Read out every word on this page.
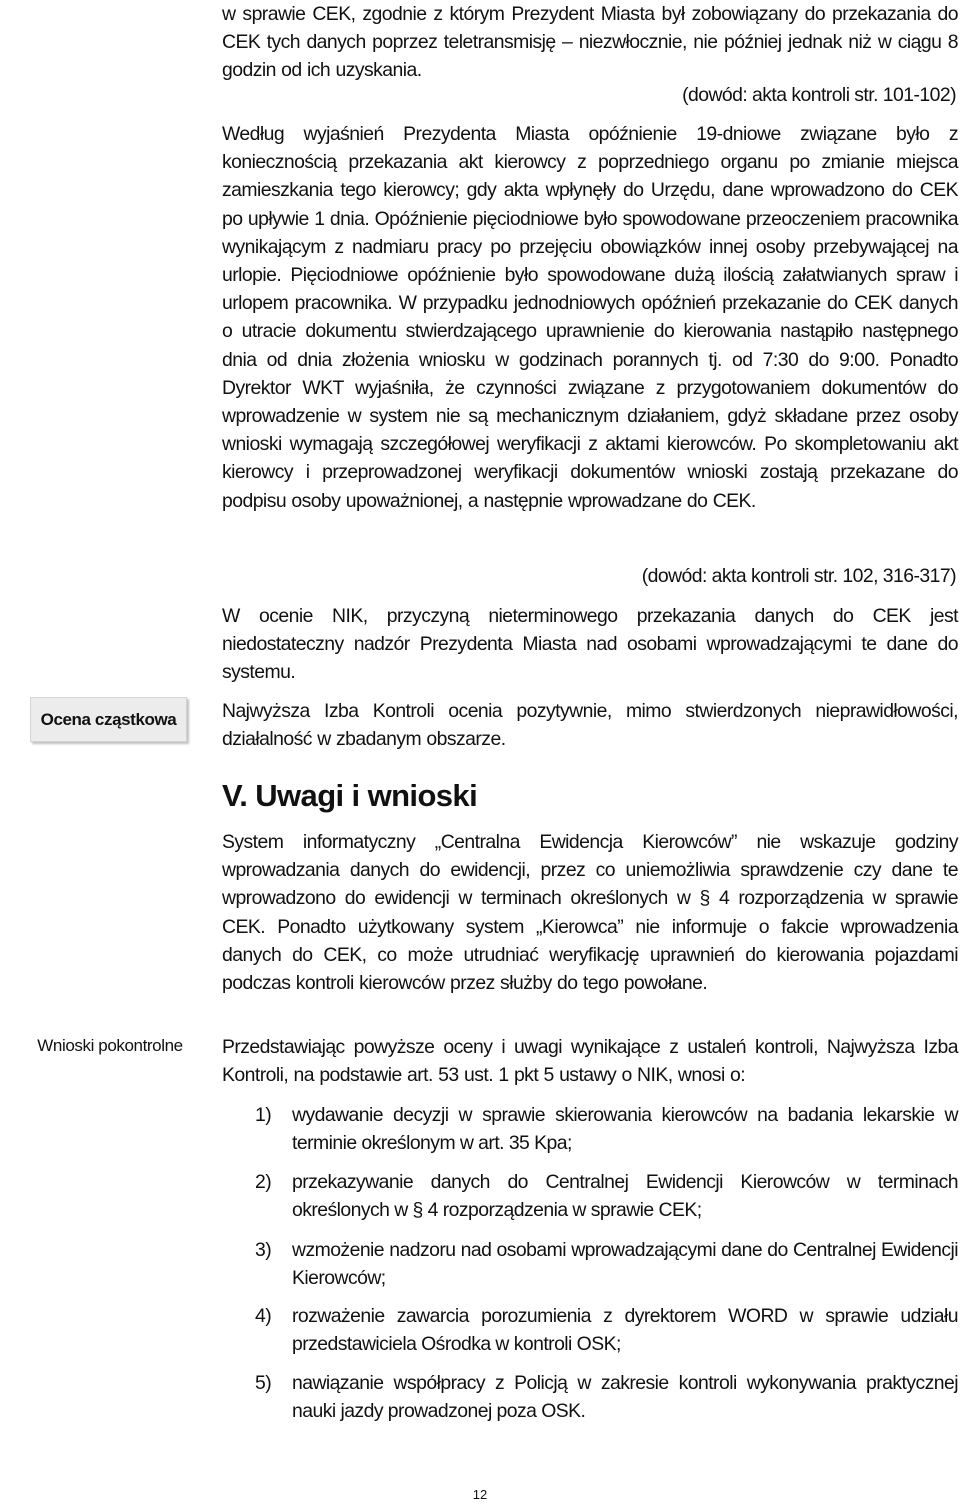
w sprawie CEK, zgodnie z którym Prezydent Miasta był zobowiązany do przekazania do CEK tych danych poprzez teletransmisję – niezwłocznie, nie później jednak niż w ciągu 8 godzin od ich uzyskania.

(dowód: akta kontroli str. 101-102)

Według wyjaśnień Prezydenta Miasta opóźnienie 19-dniowe związane było z koniecznością przekazania akt kierowcy z poprzedniego organu po zmianie miejsca zamieszkania tego kierowcy; gdy akta wpłynęły do Urzędu, dane wprowadzono do CEK po upływie 1 dnia. Opóźnienie pięciodniowe było spowodowane przeoczeniem pracownika wynikającym z nadmiaru pracy po przejęciu obowiązków innej osoby przebywającej na urlopie. Pięciodniowe opóźnienie było spowodowane dużą ilością załatwianych spraw i urlopem pracownika. W przypadku jednodniowych opóźnień przekazanie do CEK danych o utracie dokumentu stwierdzającego uprawnienie do kierowania nastąpiło następnego dnia od dnia złożenia wniosku w godzinach porannych tj. od 7:30 do 9:00. Ponadto Dyrektor WKT wyjaśniła, że czynności związane z przygotowaniem dokumentów do wprowadzenie w system nie są mechanicznym działaniem, gdyż składane przez osoby wnioski wymagają szczegółowej weryfikacji z aktami kierowców. Po skompletowaniu akt kierowcy i przeprowadzonej weryfikacji dokumentów wnioski zostają przekazane do podpisu osoby upoważnionej, a następnie wprowadzane do CEK.

(dowód: akta kontroli str. 102, 316-317)

W ocenie NIK, przyczyną nieterminowego przekazania danych do CEK jest niedostateczny nadzór Prezydenta Miasta nad osobami wprowadzającymi te dane do systemu.

Ocena cząstkowa	Najwyższa Izba Kontroli ocenia pozytywnie, mimo stwierdzonych nieprawidłowości, działalność w zbadanym obszarze.

V. Uwagi i wnioski

System informatyczny „Centralna Ewidencja Kierowców” nie wskazuje godziny wprowadzania danych do ewidencji, przez co uniemożliwia sprawdzenie czy dane te wprowadzono do ewidencji w terminach określonych w § 4 rozporządzenia w sprawie CEK. Ponadto użytkowany system „Kierowca” nie informuje o fakcie wprowadzenia danych do CEK, co może utrudniać weryfikację uprawnień do kierowania pojazdami podczas kontroli kierowców przez służby do tego powołane.

Wnioski pokontrolne	Przedstawiając powyższe oceny i uwagi wynikające z ustaleń kontroli, Najwyższa Izba Kontroli, na podstawie art. 53 ust. 1 pkt 5 ustawy o NIK, wnosi o:

1) wydawanie decyzji w sprawie skierowania kierowców na badania lekarskie w terminie określonym w art. 35 Kpa;
2) przekazywanie danych do Centralnej Ewidencji Kierowców w terminach określonych w § 4 rozporządzenia w sprawie CEK;
3) wzmożenie nadzoru nad osobami wprowadzającymi dane do Centralnej Ewidencji Kierowców;
4) rozważenie zawarcia porozumienia z dyrektorem WORD w sprawie udziału przedstawiciela Ośrodka w kontroli OSK;
5) nawiązanie współpracy z Policją w zakresie kontroli wykonywania praktycznej nauki jazdy prowadzonej poza OSK.
12
